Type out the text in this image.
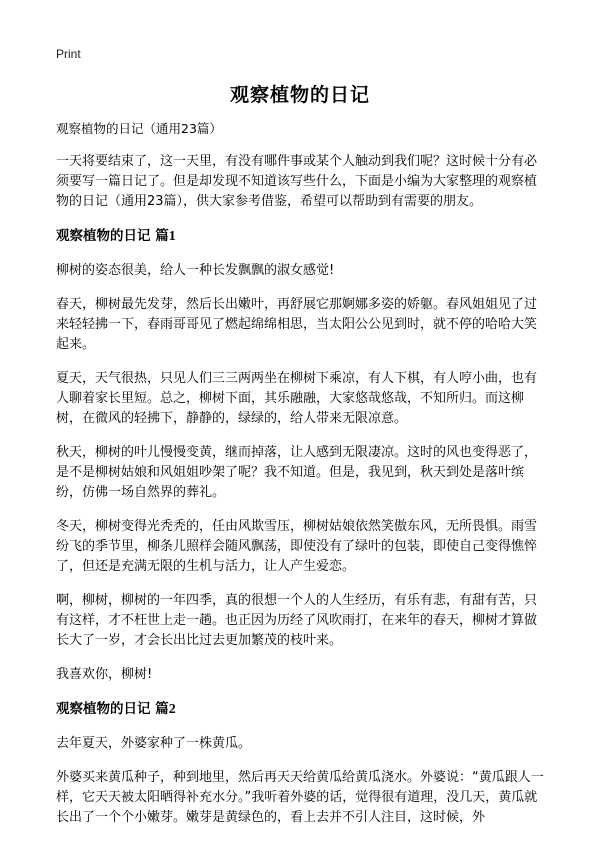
Print
观察植物的日记
观察植物的日记（通用23篇）

一天将要结束了，这一天里，有没有哪件事或某个人触动到我们呢？这时候十分有必须要写一篇日记了。但是却发现不知道该写些什么，下面是小编为大家整理的观察植物的日记（通用23篇），供大家参考借鉴，希望可以帮助到有需要的朋友。

观察植物的日记 篇1

柳树的姿态很美，给人一种长发飘飘的淑女感觉!

春天，柳树最先发芽，然后长出嫩叶，再舒展它那婀娜多姿的娇躯。春风姐姐见了过来轻轻拂一下，春雨哥哥见了燃起绵绵相思，当太阳公公见到时，就不停的哈哈大笑起来。

夏天，天气很热，只见人们三三两两坐在柳树下乘凉，有人下棋，有人哼小曲，也有人聊着家长里短。总之，柳树下面，其乐融融，大家悠哉悠哉，不知所归。而这柳树，在微风的轻拂下，静静的，绿绿的，给人带来无限凉意。

秋天，柳树的叶儿慢慢变黄，继而掉落，让人感到无限凄凉。这时的风也变得恶了，是不是柳树姑娘和风姐姐吵架了呢？我不知道。但是，我见到，秋天到处是落叶缤纷，仿佛一场自然界的葬礼。

冬天，柳树变得光秃秃的，任由风欺雪压，柳树姑娘依然笑傲东风，无所畏惧。雨雪纷飞的季节里，柳条儿照样会随风飘荡，即使没有了绿叶的包装，即使自己变得憔悴了，但还是充满无限的生机与活力，让人产生爱恋。

啊，柳树，柳树的一年四季，真的很想一个人的人生经历，有乐有悲，有甜有苦，只有这样，才不枉世上走一趟。也正因为历经了风吹雨打，在来年的春天，柳树才算做长大了一岁，才会长出比过去更加繁茂的枝叶来。

我喜欢你，柳树!

观察植物的日记 篇2

去年夏天，外婆家种了一株黄瓜。

外婆买来黄瓜种子，种到地里，然后再天天给黄瓜给黄瓜浇水。外婆说：“黄瓜跟人一样，它天天被太阳晒得补充水分。”我听着外婆的话，觉得很有道理，没几天，黄瓜就长出了一个个小嫩芽。嫩芽是黄绿色的，看上去并不引人注目，这时候，外
